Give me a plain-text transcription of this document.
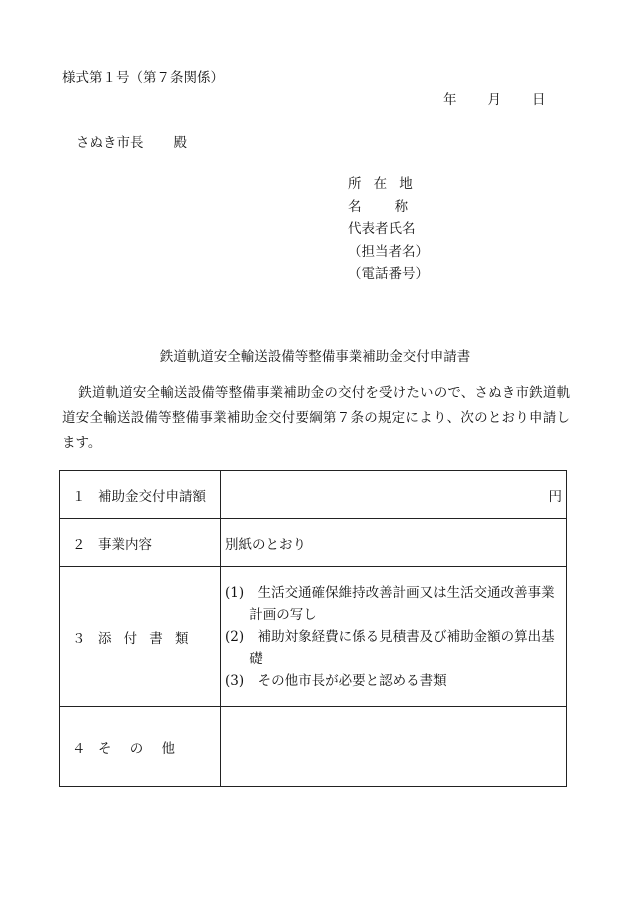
様式第１号（第７条関係）
年 月 日
さぬき市長 殿
所在地
名称
代表者氏名
（担当者名）
（電話番号）
鉄道軌道安全輸送設備等整備事業補助金交付申請書
鉄道軌道安全輸送設備等整備事業補助金の交付を受けたいので、さぬき市鉄道軌道安全輸送設備等整備事業補助金交付要綱第７条の規定により、次のとおり申請します。
１ 補助金交付申請額	円
２ 事業内容	別紙のとおり
３ 添付書類	(1)　生活交通確保維持改善計画又は生活交通改善事業計画の写し
(2)　補助対象経費に係る見積書及び補助金額の算出基礎
(3)　その他市長が必要と認める書類

４ その他	
